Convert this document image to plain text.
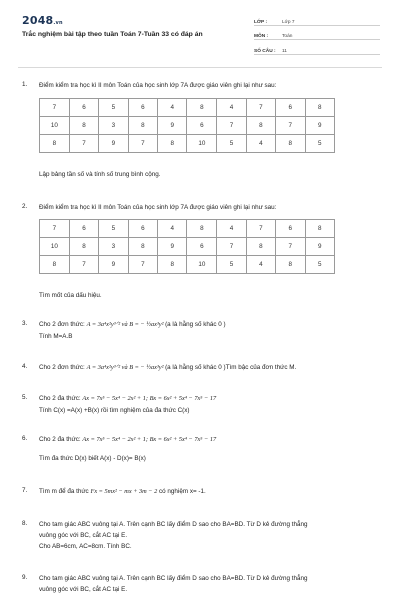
2048.vn
Trắc nghiệm bài tập theo tuần Toán 7-Tuần 33 có đáp án
LỚP :	Lớp 7
MÔN :	Toán
SỐ CÂU :	11
1. Điểm kiểm tra học kì II môn Toán của học sinh lớp 7A được giáo viên ghi lại như sau:
7	6	5	6	4	8	4	7	6	8
10	8	3	8	9	6	7	8	7	9
8	7	9	7	8	10	5	4	8	5
Lập bảng tần số và tính số trung bình cộng.
2. Điểm kiểm tra học kì II môn Toán của học sinh lớp 7A được giáo viên ghi lại như sau:
7	6	5	6	4	8	4	7	6	8
10	8	3	8	9	6	7	8	7	9
8	7	9	7	8	10	5	4	8	5
Tìm mốt của dấu hiệu.
3. Cho 2 đơn thức: A = 3a⁴x²y³ᐟ² và B = − ½ax³y² (a là hằng số khác 0 )
Tính M=A.B
4. Cho 2 đơn thức: A = 3a⁴x²y³ᐟ² và B = − ½ax³y² (a là hằng số khác 0 )Tìm bậc của đơn thức M.
5. Cho 2 đa thức: Ax = 7x⁵ − 5x⁴ − 2x² + 1; Bx = 6x² + 5x⁴ − 7x⁵ − 17
Tính C(x) =A(x) +B(x) rồi tìm nghiệm của đa thức C(x)
6. Cho 2 đa thức: Ax = 7x⁵ − 5x⁴ − 2x² + 1; Bx = 6x² + 5x⁴ − 7x⁵ − 17
Tìm đa thức D(x) biết A(x) - D(x)= B(x)
7. Tìm m để đa thức Fx = 5mx² − mx + 3m − 2 có nghiệm x= -1.
8. Cho tam giác ABC vuông tại A. Trên cạnh BC lấy điểm D sao cho BA=BD. Từ D kẻ đường thẳng
vuông góc với BC, cắt AC tại E.
Cho AB=6cm, AC=8cm. Tính BC.
9. Cho tam giác ABC vuông tại A. Trên cạnh BC lấy điểm D sao cho BA=BD. Từ D kẻ đường thẳng
vuông góc với BC, cắt AC tại E.
